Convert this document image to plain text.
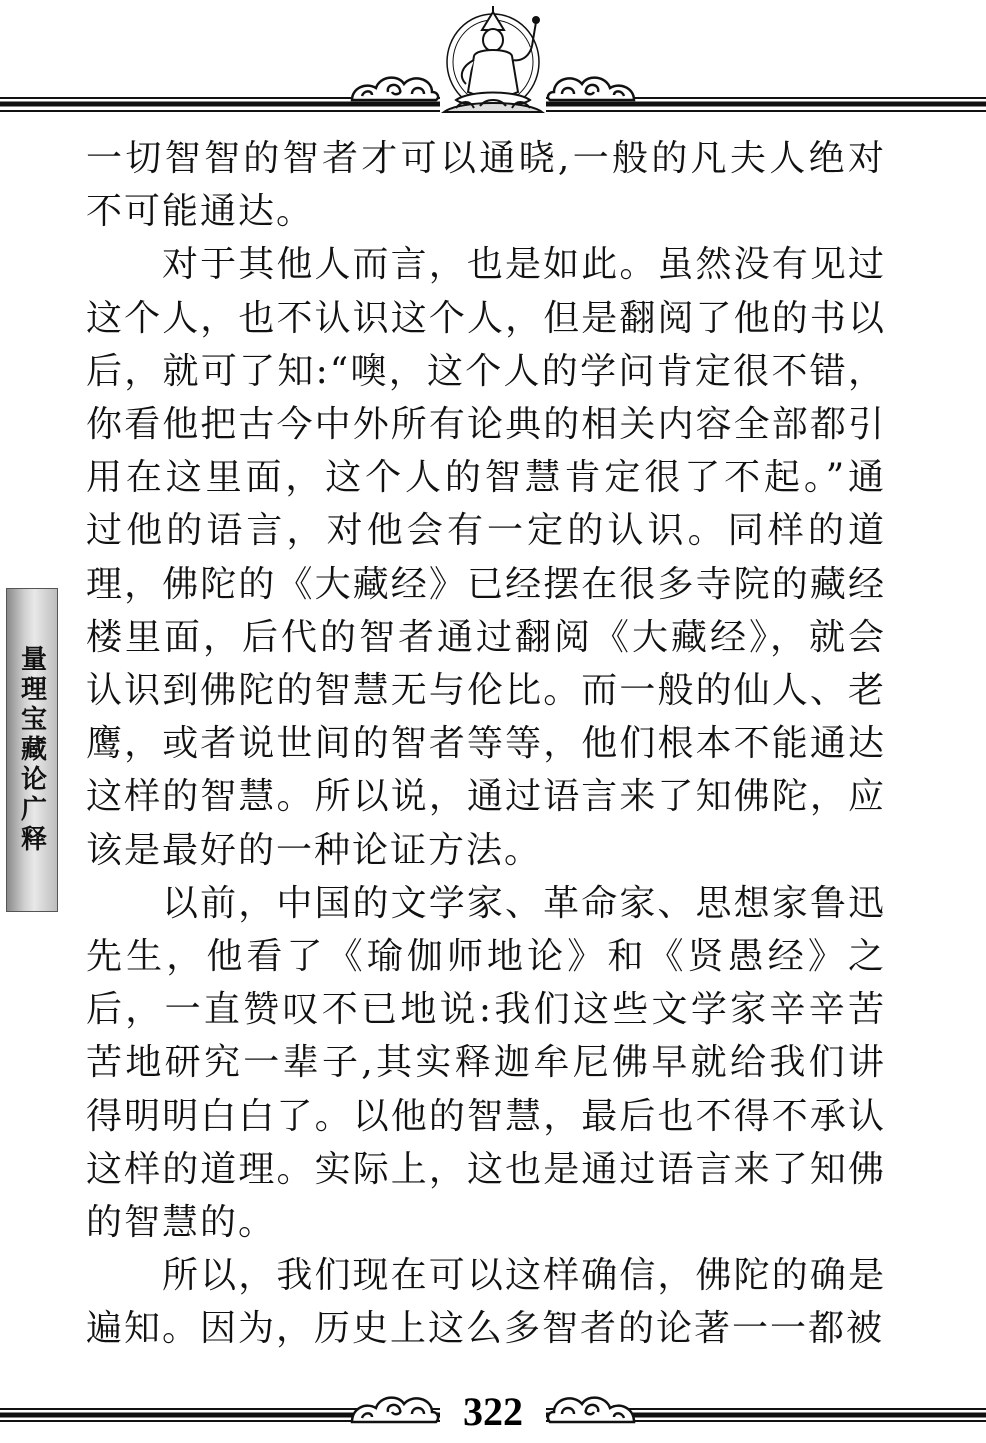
一切智智的智者才可以通晓,一般的凡夫人绝对不可能通达。

对于其他人而言，也是如此。虽然没有见过这个人，也不认识这个人，但是翻阅了他的书以后，就可了知:“噢，这个人的学问肯定很不错，你看他把古今中外所有论典的相关内容全部都引用在这里面，这个人的智慧肯定很了不起。”通过他的语言，对他会有一定的认识。同样的道理，佛陀的《大藏经》已经摆在很多寺院的藏经楼里面，后代的智者通过翻阅《大藏经》，就会认识到佛陀的智慧无与伦比。而一般的仙人、老鹰，或者说世间的智者等等，他们根本不能通达这样的智慧。所以说，通过语言来了知佛陀，应该是最好的一种论证方法。

以前，中国的文学家、革命家、思想家鲁迅先生，他看了《瑜伽师地论》和《贤愚经》之后，一直赞叹不已地说:我们这些文学家辛辛苦苦地研究一辈子,其实释迦牟尼佛早就给我们讲得明明白白了。以他的智慧，最后也不得不承认这样的道理。实际上，这也是通过语言来了知佛的智慧的。

所以，我们现在可以这样确信，佛陀的确是遍知。因为，历史上这么多智者的论著一一都被

量理宝藏论广释
322
